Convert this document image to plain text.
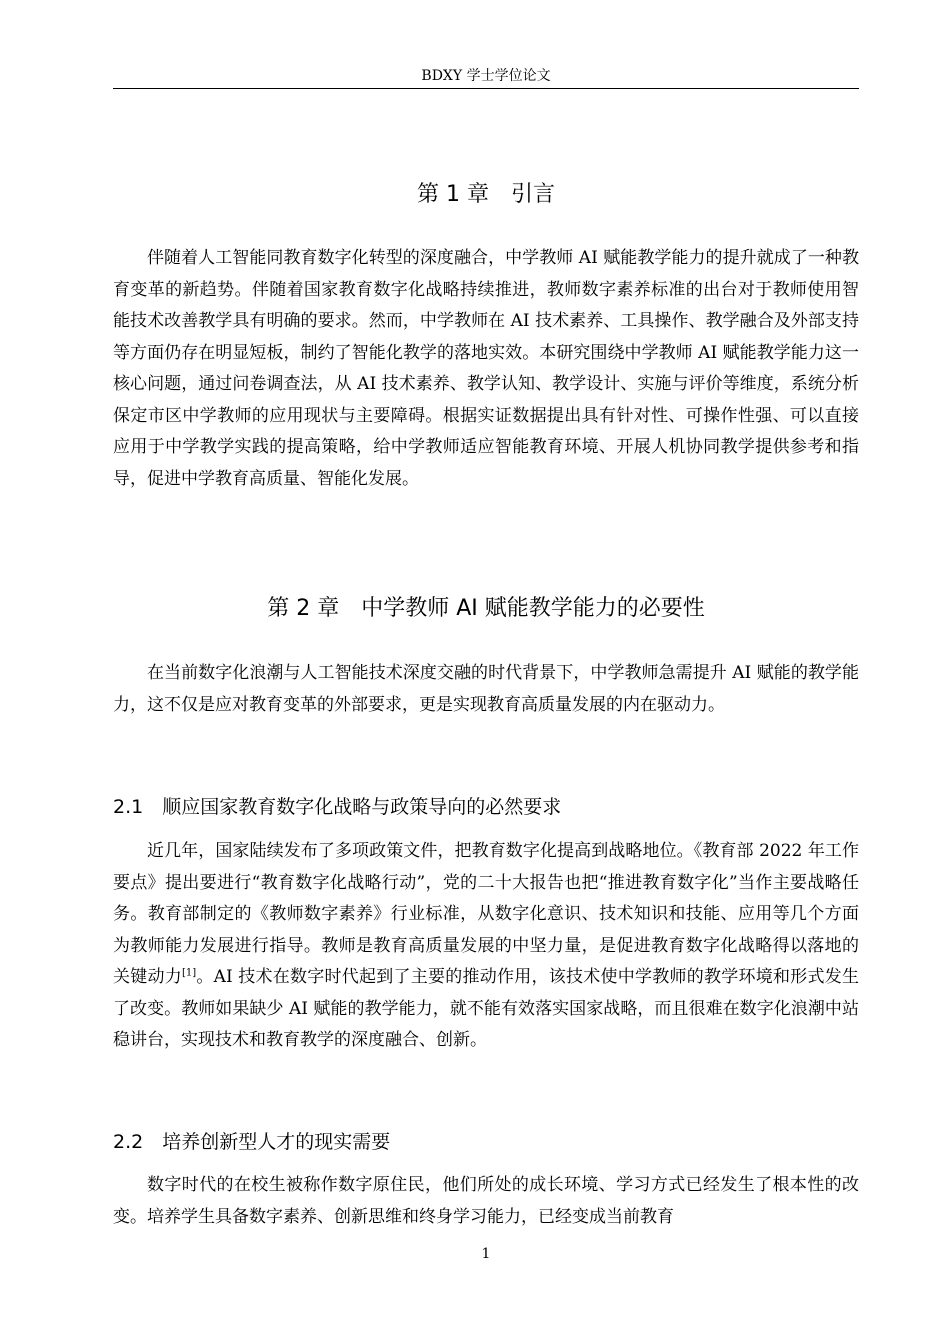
BDXY 学士学位论文
第 1 章　引言

伴随着人工智能同教育数字化转型的深度融合，中学教师 AI 赋能教学能力的提升就成了一种教育变革的新趋势。伴随着国家教育数字化战略持续推进，教师数字素养标准的出台对于教师使用智能技术改善教学具有明确的要求。然而，中学教师在 AI 技术素养、工具操作、教学融合及外部支持等方面仍存在明显短板，制约了智能化教学的落地实效。本研究围绕中学教师 AI 赋能教学能力这一核心问题，通过问卷调查法，从 AI 技术素养、教学认知、教学设计、实施与评价等维度，系统分析保定市区中学教师的应用现状与主要障碍。根据实证数据提出具有针对性、可操作性强、可以直接应用于中学教学实践的提高策略，给中学教师适应智能教育环境、开展人机协同教学提供参考和指导，促进中学教育高质量、智能化发展。

第 2 章　中学教师 AI 赋能教学能力的必要性

在当前数字化浪潮与人工智能技术深度交融的时代背景下，中学教师急需提升 AI 赋能的教学能力，这不仅是应对教育变革的外部要求，更是实现教育高质量发展的内在驱动力。

2.1　顺应国家教育数字化战略与政策导向的必然要求

近几年，国家陆续发布了多项政策文件，把教育数字化提高到战略地位。《教育部 2022 年工作要点》提出要进行“教育数字化战略行动”，党的二十大报告也把“推进教育数字化”当作主要战略任务。教育部制定的《教师数字素养》行业标准，从数字化意识、技术知识和技能、应用等几个方面为教师能力发展进行指导。教师是教育高质量发展的中坚力量，是促进教育数字化战略得以落地的关键动力[1]。AI 技术在数字时代起到了主要的推动作用，该技术使中学教师的教学环境和形式发生了改变。教师如果缺少 AI 赋能的教学能力，就不能有效落实国家战略，而且很难在数字化浪潮中站稳讲台，实现技术和教育教学的深度融合、创新。

2.2　培养创新型人才的现实需要

数字时代的在校生被称作数字原住民，他们所处的成长环境、学习方式已经发生了根本性的改变。培养学生具备数字素养、创新思维和终身学习能力，已经变成当前教育

1
